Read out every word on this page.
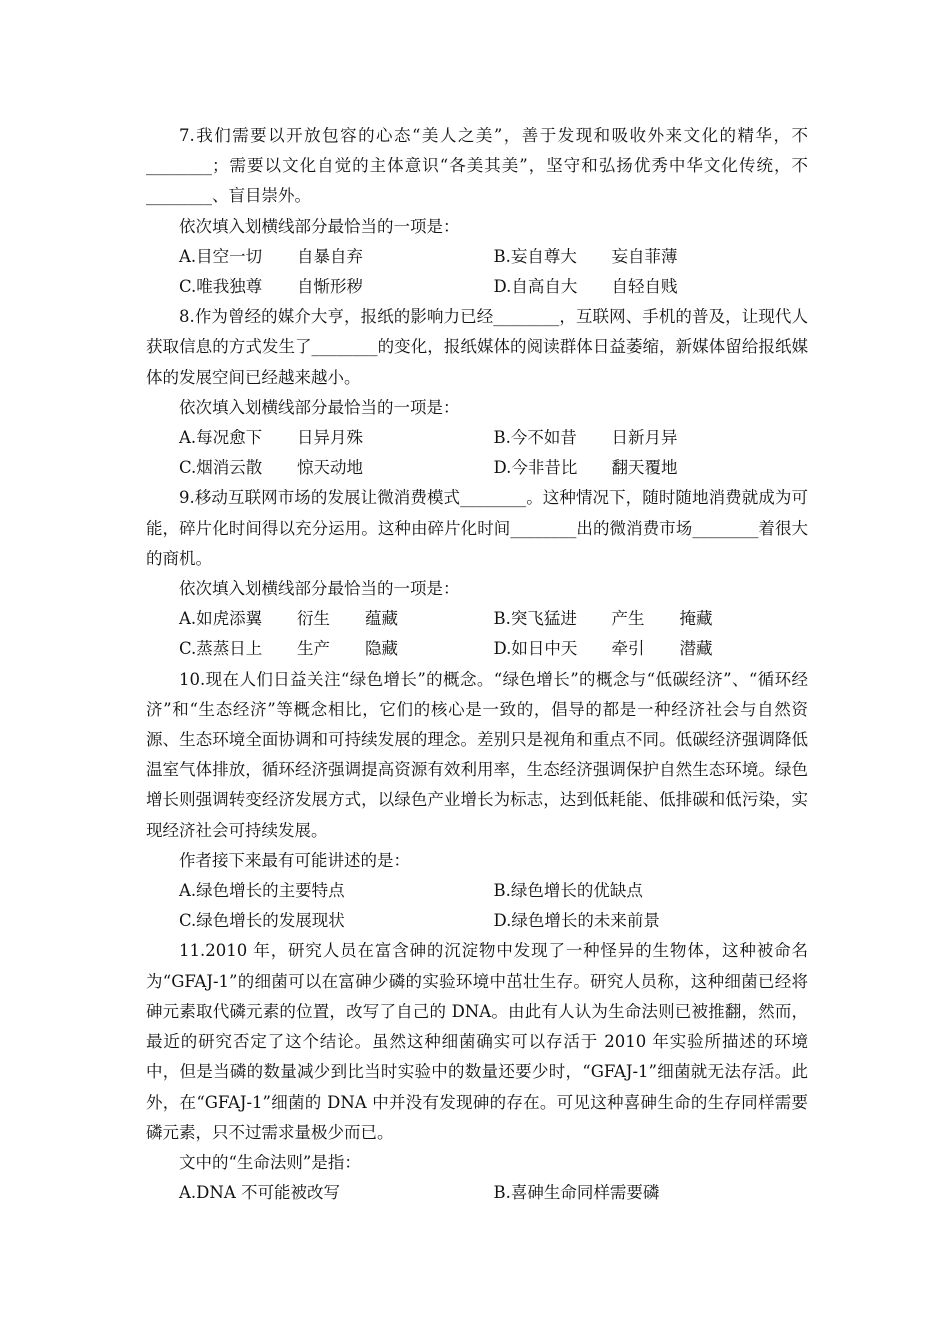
7.我们需要以开放包容的心态“美人之美”，善于发现和吸收外来文化的精华，不________；需要以文化自觉的主体意识“各美其美”，坚守和弘扬优秀中华文化传统，不________、盲目崇外。

依次填入划横线部分最恰当的一项是：

A.目空一切 自暴自弃	B.妄自尊大 妄自菲薄
C.唯我独尊 自惭形秽	D.自高自大 自轻自贱

8.作为曾经的媒介大亨，报纸的影响力已经________，互联网、手机的普及，让现代人获取信息的方式发生了________的变化，报纸媒体的阅读群体日益萎缩，新媒体留给报纸媒体的发展空间已经越来越小。

依次填入划横线部分最恰当的一项是：

A.每况愈下 日异月殊	B.今不如昔 日新月异
C.烟消云散 惊天动地	D.今非昔比 翻天覆地

9.移动互联网市场的发展让微消费模式________。这种情况下，随时随地消费就成为可能，碎片化时间得以充分运用。这种由碎片化时间________出的微消费市场________着很大的商机。

依次填入划横线部分最恰当的一项是：

A.如虎添翼 衍生 蕴藏	B.突飞猛进 产生 掩藏
C.蒸蒸日上 生产 隐藏	D.如日中天 牵引 潜藏

10.现在人们日益关注“绿色增长”的概念。“绿色增长”的概念与“低碳经济”、“循环经济”和“生态经济”等概念相比，它们的核心是一致的，倡导的都是一种经济社会与自然资源、生态环境全面协调和可持续发展的理念。差别只是视角和重点不同。低碳经济强调降低温室气体排放，循环经济强调提高资源有效利用率，生态经济强调保护自然生态环境。绿色增长则强调转变经济发展方式，以绿色产业增长为标志，达到低耗能、低排碳和低污染，实现经济社会可持续发展。

作者接下来最有可能讲述的是：

A.绿色增长的主要特点	B.绿色增长的优缺点
C.绿色增长的发展现状	D.绿色增长的未来前景

11.2010 年，研究人员在富含砷的沉淀物中发现了一种怪异的生物体，这种被命名为“GFAJ-1”的细菌可以在富砷少磷的实验环境中茁壮生存。研究人员称，这种细菌已经将砷元素取代磷元素的位置，改写了自己的 DNA。由此有人认为生命法则已被推翻，然而，最近的研究否定了这个结论。虽然这种细菌确实可以存活于 2010 年实验所描述的环境中，但是当磷的数量减少到比当时实验中的数量还要少时，“GFAJ-1”细菌就无法存活。此外，在“GFAJ-1”细菌的 DNA 中并没有发现砷的存在。可见这种喜砷生命的生存同样需要磷元素，只不过需求量极少而已。

文中的“生命法则”是指：

A.DNA 不可能被改写	B.喜砷生命同样需要磷
